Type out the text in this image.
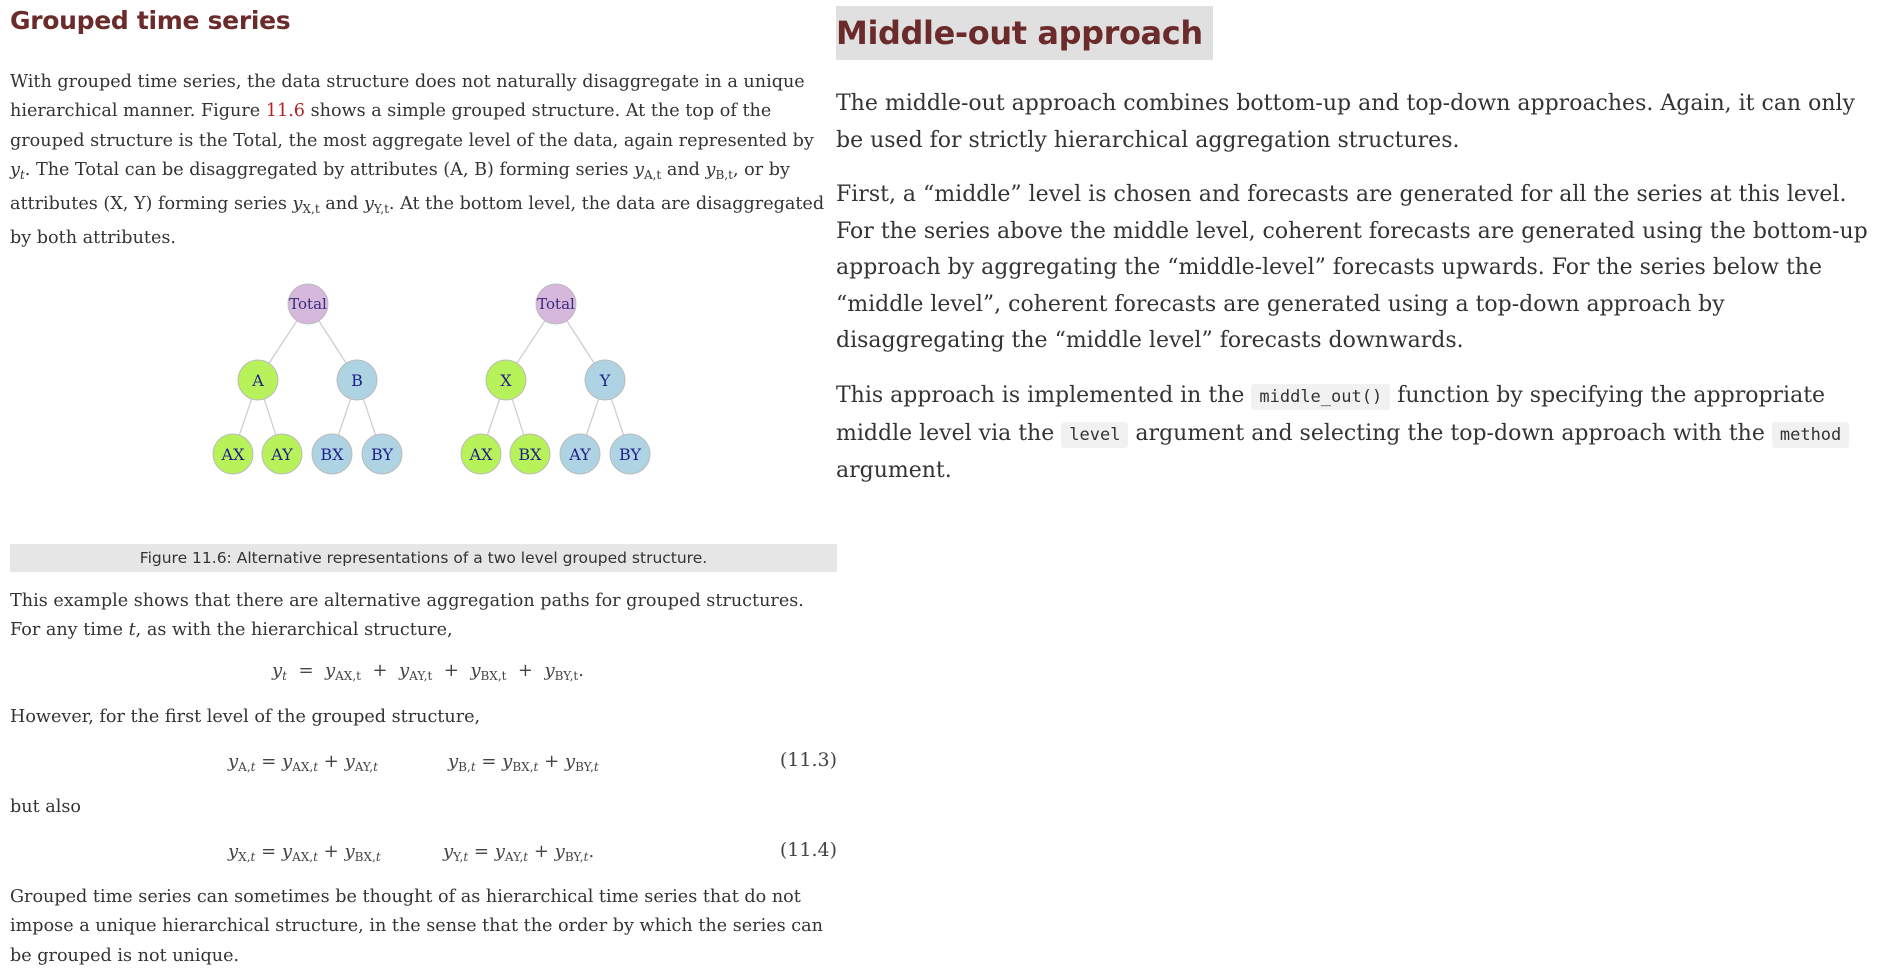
Grouped time series
With grouped time series, the data structure does not naturally disaggregate in a unique hierarchical manner. Figure 11.6 shows a simple grouped structure. At the top of the grouped structure is the Total, the most aggregate level of the data, again represented by $y_t$. The Total can be disaggregated by attributes (A, B) forming series $y_{A,t}$ and $y_{B,t}$, or by attributes (X, Y) forming series $y_{X,t}$ and $y_{Y,t}$. At the bottom level, the data are disaggregated by both attributes.
Total
A	B
AX AY BX BY
Total
X	Y
AX BX AY BY
Figure 11.6: Alternative representations of a two level grouped structure.
This example shows that there are alternative aggregation paths for grouped structures. For any time t, as with the hierarchical structure,
$y_t = y_{AX,t} + y_{AY,t} + y_{BX,t} + y_{BY,t}$.
However, for the first level of the grouped structure,
$y_{A,t} = y_{AX,t} + y_{AY,t}$	$y_{B,t} = y_{BX,t} + y_{BY,t}$	(11.3)
but also
$y_{X,t} = y_{AX,t} + y_{BX,t}$	$y_{Y,t} = y_{AY,t} + y_{BY,t}$.	(11.4)
Grouped time series can sometimes be thought of as hierarchical time series that do not impose a unique hierarchical structure, in the sense that the order by which the series can be grouped is not unique.
Middle-out approach
The middle-out approach combines bottom-up and top-down approaches. Again, it can only be used for strictly hierarchical aggregation structures.
First, a “middle” level is chosen and forecasts are generated for all the series at this level. For the series above the middle level, coherent forecasts are generated using the bottom-up approach by aggregating the “middle-level” forecasts upwards. For the series below the “middle level”, coherent forecasts are generated using a top-down approach by disaggregating the “middle level” forecasts downwards.
This approach is implemented in the middle_out() function by specifying the appropriate middle level via the level argument and selecting the top-down approach with the method argument.
